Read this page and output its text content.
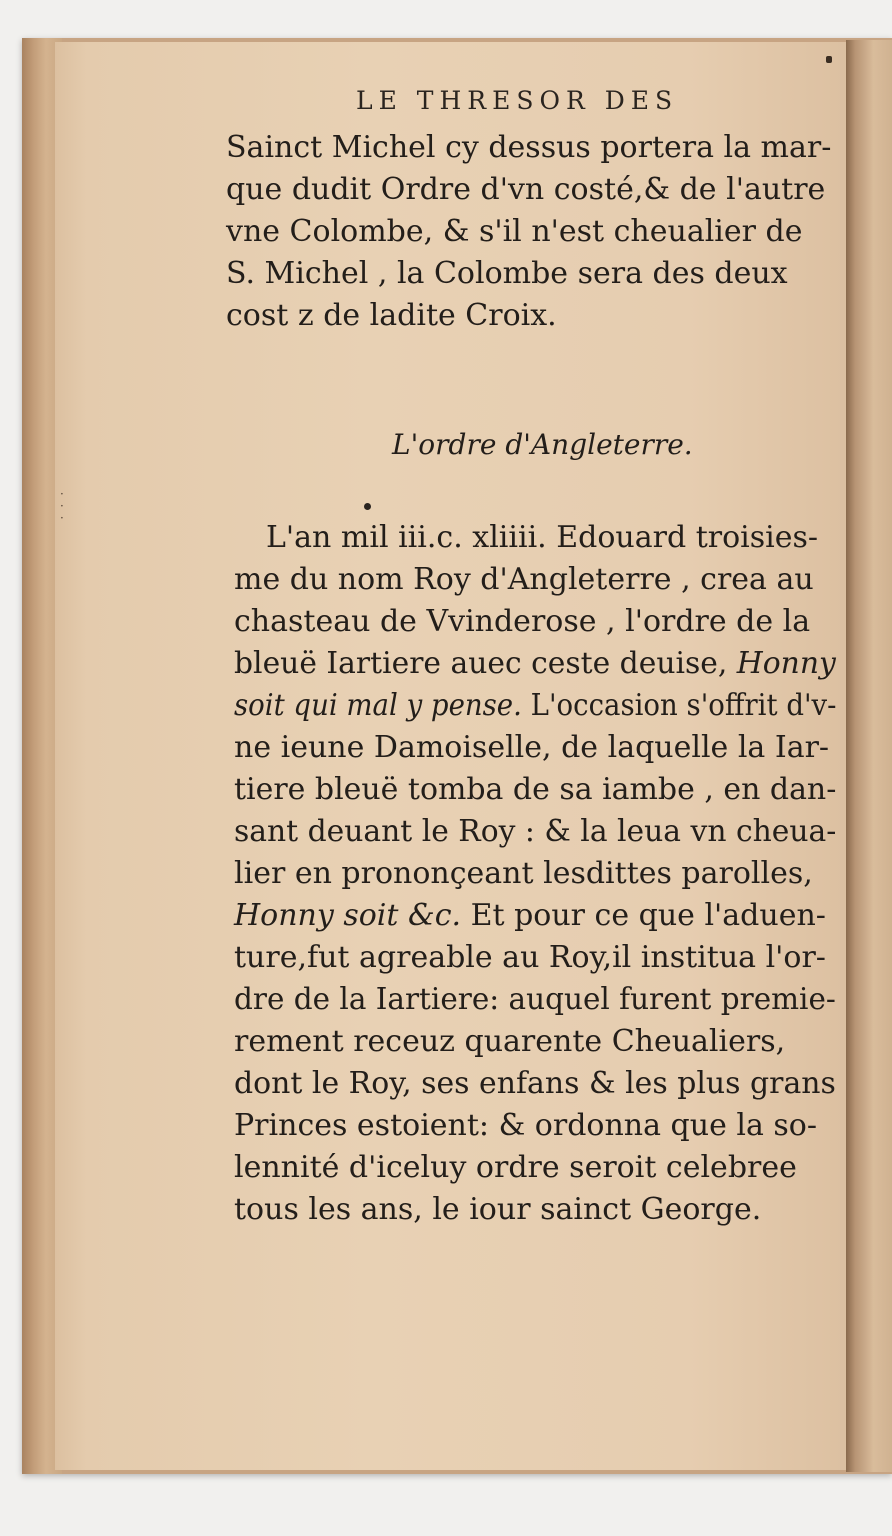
·
·
·
LE THRESOR DES
Sainct Michel cy dessus portera la mar-
que dudit Ordre d'vn costé,& de l'autre
vne Colombe, & s'il n'est cheualier de
S. Michel , la Colombe sera des deux
cost z de ladite Croix.
L'ordre d'Angleterre.
L'an mil iii.c. xliiii. Edouard troisies-
me du nom Roy d'Angleterre , crea au
chasteau de Vvinderose , l'ordre de la
bleuë Iartiere auec ceste deuise, Honny
soit qui mal y pense. L'occasion s'offrit d'v-
ne ieune Damoiselle, de laquelle la Iar-
tiere bleuë tomba de sa iambe , en dan-
sant deuant le Roy : & la leua vn cheua-
lier en prononçeant lesdittes parolles,
Honny soit &c. Et pour ce que l'aduen-
ture,fut agreable au Roy,il institua l'or-
dre de la Iartiere: auquel furent premie-
rement receuz quarente Cheualiers,
dont le Roy, ses enfans & les plus grans
Princes estoient: & ordonna que la so-
lennité d'iceluy ordre seroit celebree
tous les ans, le iour sainct George.
